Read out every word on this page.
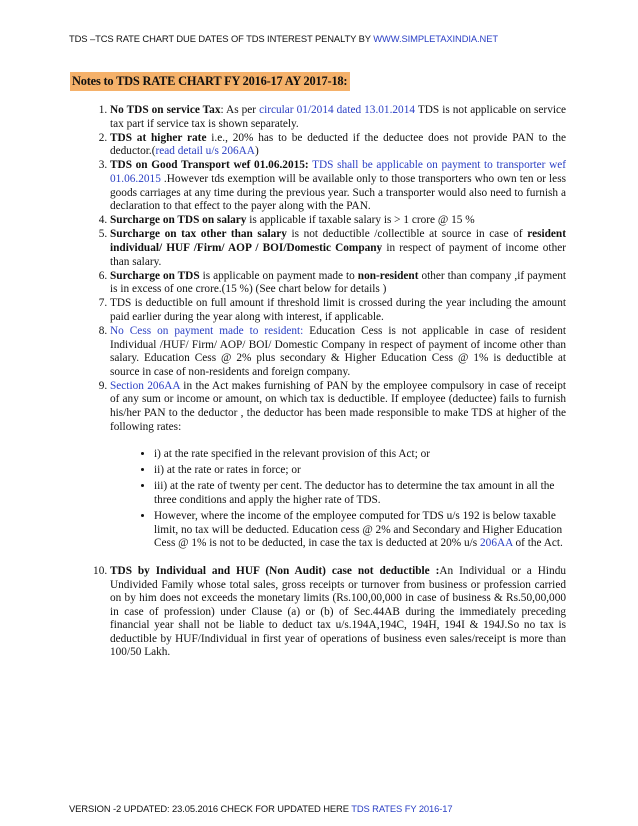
TDS –TCS RATE CHART DUE DATES OF TDS INTEREST PENALTY BY WWW.SIMPLETAXINDIA.NET
Notes to TDS RATE CHART FY 2016-17 AY 2017-18:
1. No TDS on service Tax: As per circular 01/2014 dated 13.01.2014 TDS is not applicable on service tax part if service tax is shown separately.
2. TDS at higher rate i.e., 20% has to be deducted if the deductee does not provide PAN to the deductor.(read detail u/s 206AA)
3. TDS on Good Transport wef 01.06.2015: TDS shall be applicable on payment to transporter wef 01.06.2015 .However tds exemption will be available only to those transporters who own ten or less goods carriages at any time during the previous year. Such a transporter would also need to furnish a declaration to that effect to the payer along with the PAN.
4. Surcharge on TDS on salary is applicable if taxable salary is > 1 crore @ 15 %
5. Surcharge on tax other than salary is not deductible /collectible at source in case of resident individual/ HUF /Firm/ AOP / BOI/Domestic Company in respect of payment of income other than salary.
6. Surcharge on TDS is applicable on payment made to non-resident other than company ,if payment is in excess of one crore.(15 %) (See chart below for details )
7. TDS is deductible on full amount if threshold limit is crossed during the year including the amount paid earlier during the year along with interest, if applicable.
8. No Cess on payment made to resident: Education Cess is not applicable in case of resident Individual /HUF/ Firm/ AOP/ BOI/ Domestic Company in respect of payment of income other than salary. Education Cess @ 2% plus secondary & Higher Education Cess @ 1% is deductible at source in case of non-residents and foreign company.
9. Section 206AA in the Act makes furnishing of PAN by the employee compulsory in case of receipt of any sum or income or amount, on which tax is deductible. If employee (deductee) fails to furnish his/her PAN to the deductor , the deductor has been made responsible to make TDS at higher of the following rates:
• i) at the rate specified in the relevant provision of this Act; or
• ii) at the rate or rates in force; or
• iii) at the rate of twenty per cent. The deductor has to determine the tax amount in all the three conditions and apply the higher rate of TDS.
• However, where the income of the employee computed for TDS u/s 192 is below taxable limit, no tax will be deducted. Education cess @ 2% and Secondary and Higher Education Cess @ 1% is not to be deducted, in case the tax is deducted at 20% u/s 206AA of the Act.
10. TDS by Individual and HUF (Non Audit) case not deductible :An Individual or a Hindu Undivided Family whose total sales, gross receipts or turnover from business or profession carried on by him does not exceeds the monetary limits (Rs.100,00,000 in case of business & Rs.50,00,000 in case of profession) under Clause (a) or (b) of Sec.44AB during the immediately preceding financial year shall not be liable to deduct tax u/s.194A,194C, 194H, 194I & 194J.So no tax is deductible by HUF/Individual in first year of operations of business even sales/receipt is more than 100/50 Lakh.
VERSION -2 UPDATED: 23.05.2016 CHECK FOR UPDATED HERE TDS RATES FY 2016-17
